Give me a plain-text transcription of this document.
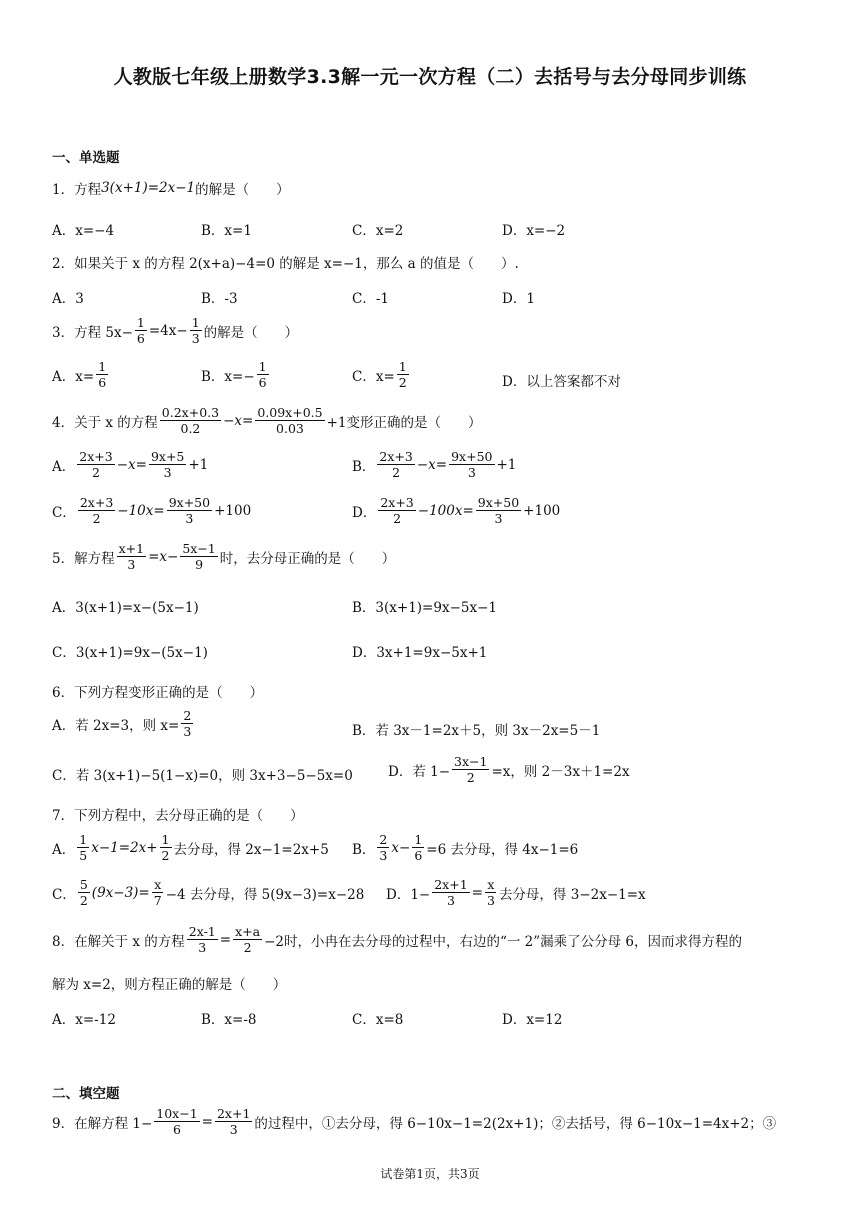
人教版七年级上册数学3.3解一元一次方程（二）去括号与去分母同步训练
一、单选题
1．方程 3(x+1)=2x−1 的解是（　　）
A．x=−4	B．x=1	C．x=2	D．x=−2
2．如果关于 x 的方程 2(x+a)−4=0 的解是 x=−1，那么 a 的值是（　　）.
A．3	B．-3	C．-1	D．1
3．方程 $5x- \frac{1}{6} =4x- \frac{1}{3}$ 的解是（　　）
A．$x= \frac{1}{6}$	B．$x=- \frac{1}{6}$	C．$x= \frac{1}{2}$	D．以上答案都不对
4．关于 x 的方程 $\frac{0.2x+0.3}{0.2} -x= \frac{0.09x+0.5}{0.03} +1$变形正确的是（　　）
A． $\frac{2x+3}{2} -x= \frac{9x+5}{3} +1$	B． $\frac{2x+3}{2} -x= \frac{9x+50}{3} +1$
C． $\frac{2x+3}{2} -10x= \frac{9x+50}{3} +100$	D． $\frac{2x+3}{2} -100x= \frac{9x+50}{3} +100$
5．解方程 $\frac{x+1}{3} =x- \frac{5x-1}{9}$ 时，去分母正确的是（　　）
A．3(x+1)=x−(5x−1)	B．3(x+1)=9x−5x−1
C．3(x+1)=9x−(5x−1)	D．3x+1=9x−5x+1
6．下列方程变形正确的是（　　）
A．若 2x=3，则 $x= \frac{2}{3}$	B．若 3x－1=2x＋5，则 3x－2x=5－1
C．若 3(x+1)−5(1−x)=0，则 3x+3−5−5x=0	D．若 $1- \frac{3x-1}{2} =x$，则 2－3x＋1=2x
7．下列方程中，去分母正确的是（　　）
A． $\frac{1}{5} x-1=2x+ \frac{1}{2}$ 去分母，得 2x−1=2x+5 B． $\frac{2}{3} x- \frac{1}{6} =6$ 去分母，得 4x−1=6
C． $\frac{5}{2} (9x-3)= \frac{x}{7} -4$ 去分母，得 5(9x−3)=x−28 D．$1- \frac{2x+1}{3} = \frac{x}{3}$ 去分母，得 3−2x−1=x
8．在解关于 x 的方程 $\frac{2x-1}{3} = \frac{x+a}{2} -2$时，小冉在去分母的过程中，右边的“一 2”漏乘了公分母 6，因而求得方程的
解为 x=2，则方程正确的解是（　　）
A．x=-12	B．x=-8	C．x=8	D．x=12
二、填空题
9．在解方程 $1- \frac{10x-1}{6} = \frac{2x+1}{3}$ 的过程中，①去分母，得 6−10x−1=2(2x+1)；②去括号，得 6−10x−1=4x+2；③
试卷第1页，共3页
